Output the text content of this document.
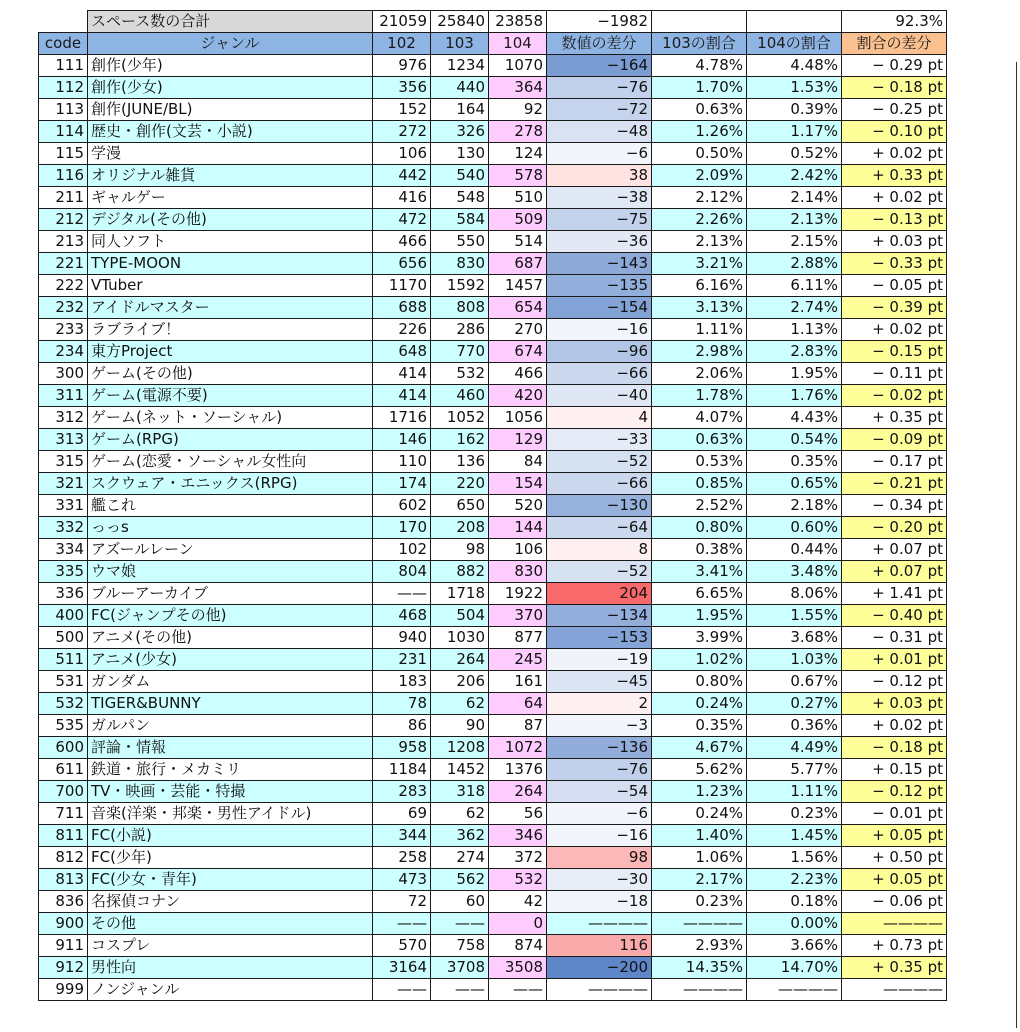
	スペース数の合計	21059	25840	23858	−1982			92.3%
code	ジャンル	102	103	104	数値の差分	103の割合	104の割合	割合の差分
111	創作(少年)	976	1234	1070	−164	4.78%	4.48%	− 0.29 pt
112	創作(少女)	356	440	364	−76	1.70%	1.53%	− 0.18 pt
113	創作(JUNE/BL)	152	164	92	−72	0.63%	0.39%	− 0.25 pt
114	歴史・創作(文芸・小説)	272	326	278	−48	1.26%	1.17%	− 0.10 pt
115	学漫	106	130	124	−6	0.50%	0.52%	+ 0.02 pt
116	オリジナル雑貨	442	540	578	38	2.09%	2.42%	+ 0.33 pt
211	ギャルゲー	416	548	510	−38	2.12%	2.14%	+ 0.02 pt
212	デジタル(その他)	472	584	509	−75	2.26%	2.13%	− 0.13 pt
213	同人ソフト	466	550	514	−36	2.13%	2.15%	+ 0.03 pt
221	TYPE-MOON	656	830	687	−143	3.21%	2.88%	− 0.33 pt
222	VTuber	1170	1592	1457	−135	6.16%	6.11%	− 0.05 pt
232	アイドルマスター	688	808	654	−154	3.13%	2.74%	− 0.39 pt
233	ラブライブ！	226	286	270	−16	1.11%	1.13%	+ 0.02 pt
234	東方Project	648	770	674	−96	2.98%	2.83%	− 0.15 pt
300	ゲーム(その他)	414	532	466	−66	2.06%	1.95%	− 0.11 pt
311	ゲーム(電源不要)	414	460	420	−40	1.78%	1.76%	− 0.02 pt
312	ゲーム(ネット・ソーシャル)	1716	1052	1056	4	4.07%	4.43%	+ 0.35 pt
313	ゲーム(RPG)	146	162	129	−33	0.63%	0.54%	− 0.09 pt
315	ゲーム(恋愛・ソーシャル女性向	110	136	84	−52	0.53%	0.35%	− 0.17 pt
321	スクウェア・エニックス(RPG)	174	220	154	−66	0.85%	0.65%	− 0.21 pt
331	艦これ	602	650	520	−130	2.52%	2.18%	− 0.34 pt
332	っっs	170	208	144	−64	0.80%	0.60%	− 0.20 pt
334	アズールレーン	102	98	106	8	0.38%	0.44%	+ 0.07 pt
335	ウマ娘	804	882	830	−52	3.41%	3.48%	+ 0.07 pt
336	ブルーアーカイブ	——	1718	1922	204	6.65%	8.06%	+ 1.41 pt
400	FC(ジャンプその他)	468	504	370	−134	1.95%	1.55%	− 0.40 pt
500	アニメ(その他)	940	1030	877	−153	3.99%	3.68%	− 0.31 pt
511	アニメ(少女)	231	264	245	−19	1.02%	1.03%	+ 0.01 pt
531	ガンダム	183	206	161	−45	0.80%	0.67%	− 0.12 pt
532	TIGER&BUNNY	78	62	64	2	0.24%	0.27%	+ 0.03 pt
535	ガルパン	86	90	87	−3	0.35%	0.36%	+ 0.02 pt
600	評論・情報	958	1208	1072	−136	4.67%	4.49%	− 0.18 pt
611	鉄道・旅行・メカミリ	1184	1452	1376	−76	5.62%	5.77%	+ 0.15 pt
700	TV・映画・芸能・特撮	283	318	264	−54	1.23%	1.11%	− 0.12 pt
711	音楽(洋楽・邦楽・男性アイドル)	69	62	56	−6	0.24%	0.23%	− 0.01 pt
811	FC(小説)	344	362	346	−16	1.40%	1.45%	+ 0.05 pt
812	FC(少年)	258	274	372	98	1.06%	1.56%	+ 0.50 pt
813	FC(少女・青年)	473	562	532	−30	2.17%	2.23%	+ 0.05 pt
836	名探偵コナン	72	60	42	−18	0.23%	0.18%	− 0.06 pt
900	その他	——	——	0	————	————	0.00%	————
911	コスプレ	570	758	874	116	2.93%	3.66%	+ 0.73 pt
912	男性向	3164	3708	3508	−200	14.35%	14.70%	+ 0.35 pt
999	ノンジャンル	——	——	——	————	————	————	————
